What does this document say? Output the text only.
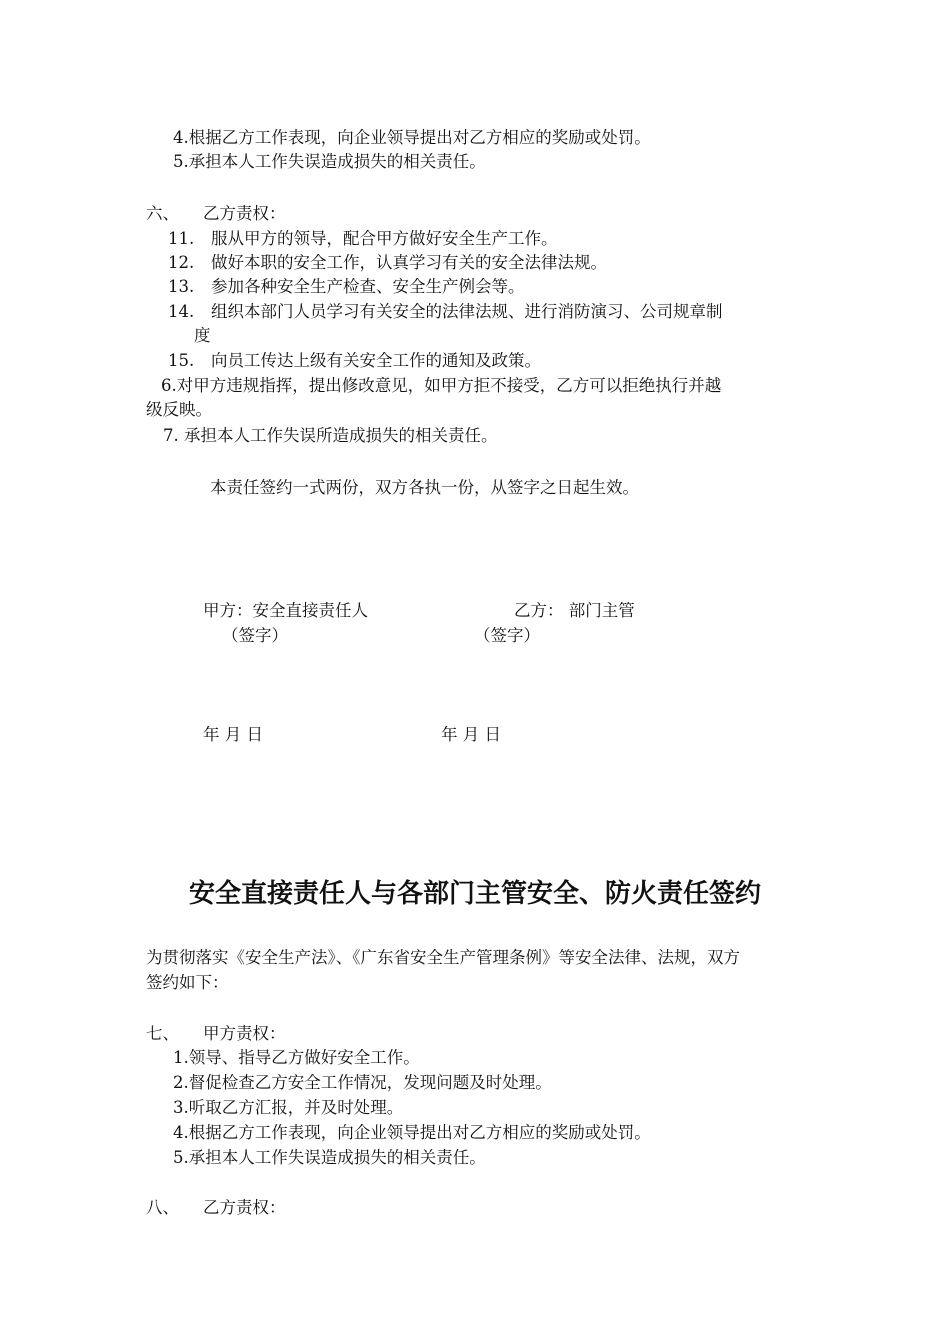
4.根据乙方工作表现，向企业领导提出对乙方相应的奖励或处罚。
5.承担本人工作失误造成损失的相关责任。
六、 乙方责权：
11. 服从甲方的领导，配合甲方做好安全生产工作。
12. 做好本职的安全工作，认真学习有关的安全法律法规。
13. 参加各种安全生产检查、安全生产例会等。
14. 组织本部门人员学习有关安全的法律法规、进行消防演习、公司规章制
度
15. 向员工传达上级有关安全工作的通知及政策。
6.对甲方违规指挥，提出修改意见，如甲方拒不接受，乙方可以拒绝执行并越
级反映。
7. 承担本人工作失误所造成损失的相关责任。
本责任签约一式两份，双方各执一份，从签字之日起生效。
甲方：安全直接责任人	乙方： 部门主管
（签字）	（签字）
年 月 日	年 月 日
安全直接责任人与各部门主管安全、防火责任签约
为贯彻落实《安全生产法》、《广东省安全生产管理条例》等安全法律、法规，双方
签约如下：
七、 甲方责权：
1.领导、指导乙方做好安全工作。
2.督促检查乙方安全工作情况，发现问题及时处理。
3.听取乙方汇报，并及时处理。
4.根据乙方工作表现，向企业领导提出对乙方相应的奖励或处罚。
5.承担本人工作失误造成损失的相关责任。
八、 乙方责权：
